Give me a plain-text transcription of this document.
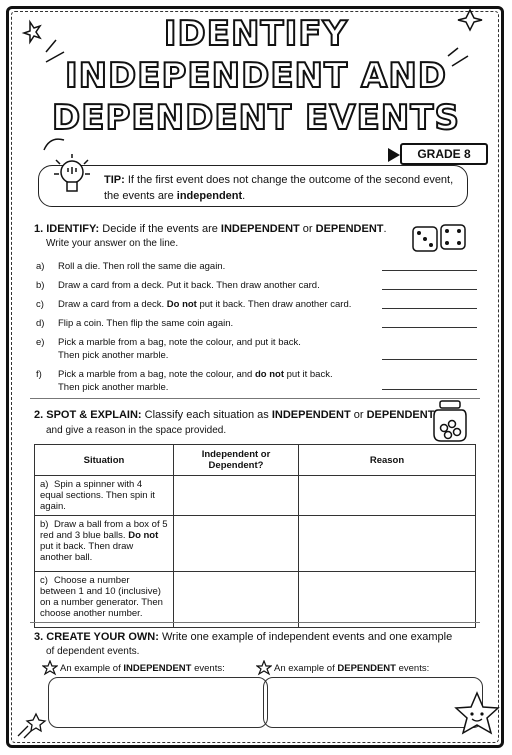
IDENTIFY
INDEPENDENT AND
DEPENDENT EVENTS
GRADE 8
TIP: If the first event does not change the outcome of the second event,
the events are independent.
1. IDENTIFY: Decide if the events are INDEPENDENT or DEPENDENT.
Write your answer on the line.
a) Roll a die. Then roll the same die again.
b) Draw a card from a deck. Put it back. Then draw another card.
c) Draw a card from a deck. Do not put it back. Then draw another card.
d) Flip a coin. Then flip the same coin again.
e) Pick a marble from a bag, note the colour, and put it back.
Then pick another marble.
f) Pick a marble from a bag, note the colour, and do not put it back.
Then pick another marble.
2. SPOT & EXPLAIN: Classify each situation as INDEPENDENT or DEPENDENT
and give a reason in the space provided.
Situation	Independent or Dependent?	Reason
a) Spin a spinner with 4 equal sections. Then spin it again.		
b) Draw a ball from a box of 5 red and 3 blue balls. Do not put it back. Then draw another ball.		
c) Choose a number between 1 and 10 (inclusive) on a number generator. Then choose another number.		
3. CREATE YOUR OWN: Write one example of independent events and one example
of dependent events.
An example of INDEPENDENT events:	An example of DEPENDENT events:
